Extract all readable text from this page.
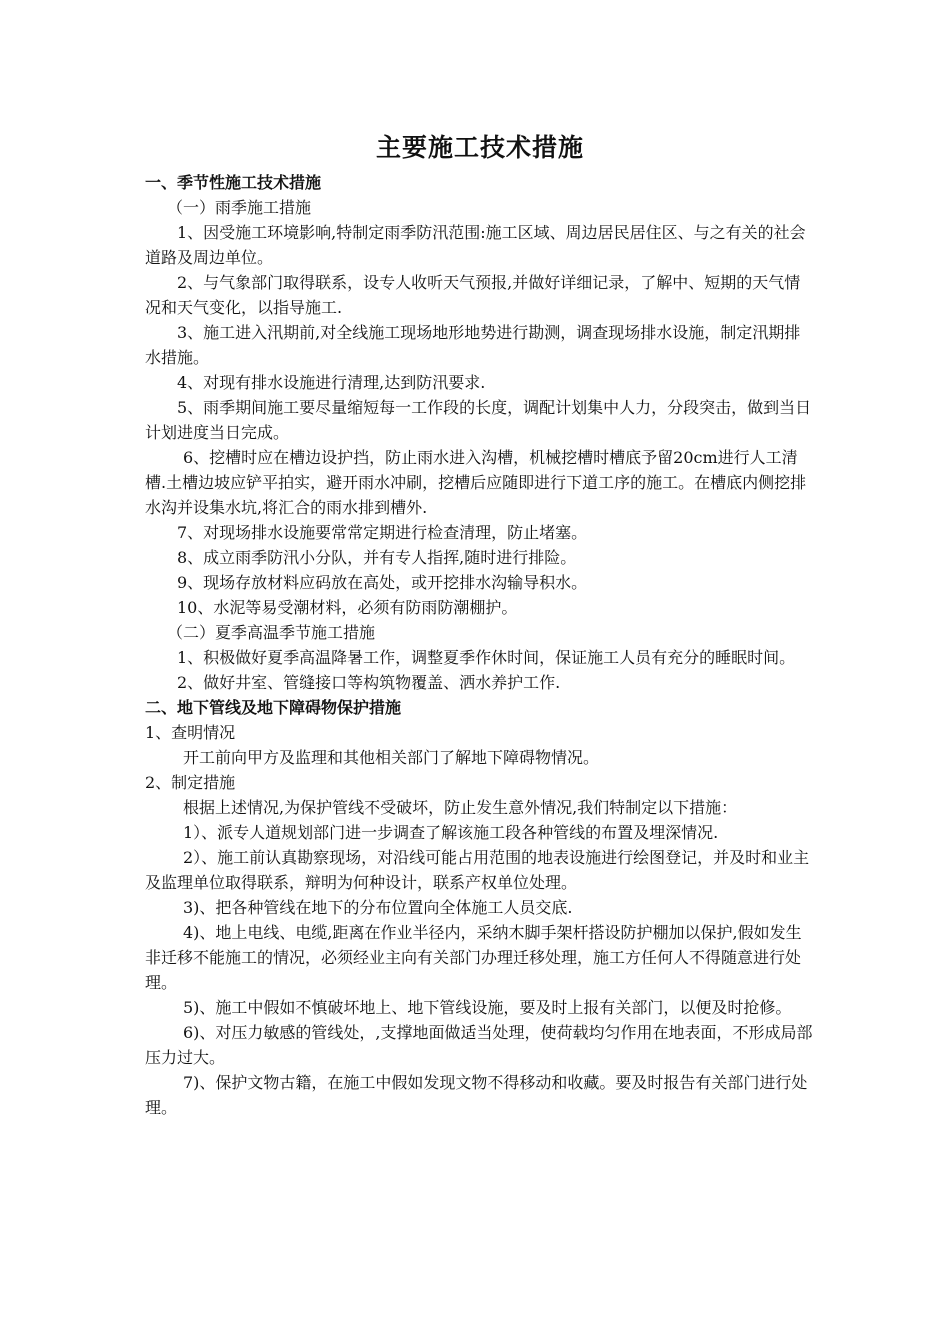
主要施工技术措施
一、季节性施工技术措施
（一）雨季施工措施

1、因受施工环境影响,特制定雨季防汛范围:施工区域、周边居民居住区、与之有关的社会道路及周边单位。

2、与气象部门取得联系，设专人收听天气预报,并做好详细记录，了解中、短期的天气情况和天气变化，以指导施工.

3、施工进入汛期前,对全线施工现场地形地势进行勘测，调查现场排水设施，制定汛期排水措施。

4、对现有排水设施进行清理,达到防汛要求.

5、雨季期间施工要尽量缩短每一工作段的长度，调配计划集中人力，分段突击，做到当日计划进度当日完成。

6、挖槽时应在槽边设护挡，防止雨水进入沟槽，机械挖槽时槽底予留20cm进行人工清槽.土槽边坡应铲平拍实，避开雨水冲刷，挖槽后应随即进行下道工序的施工。在槽底内侧挖排水沟并设集水坑,将汇合的雨水排到槽外.

7、对现场排水设施要常常定期进行检查清理，防止堵塞。

8、成立雨季防汛小分队，并有专人指挥,随时进行排险。

9、现场存放材料应码放在高处，或开挖排水沟输导积水。

10、水泥等易受潮材料，必须有防雨防潮棚护。

（二）夏季高温季节施工措施

1、积极做好夏季高温降暑工作，调整夏季作休时间，保证施工人员有充分的睡眠时间。

2、做好井室、管缝接口等构筑物覆盖、洒水养护工作.

二、地下管线及地下障碍物保护措施
1、查明情况

开工前向甲方及监理和其他相关部门了解地下障碍物情况。

2、制定措施

根据上述情况,为保护管线不受破坏，防止发生意外情况,我们特制定以下措施：

1）、派专人道规划部门进一步调查了解该施工段各种管线的布置及埋深情况.

2）、施工前认真勘察现场，对沿线可能占用范围的地表设施进行绘图登记，并及时和业主及监理单位取得联系，辩明为何种设计，联系产权单位处理。

3)、把各种管线在地下的分布位置向全体施工人员交底.

4)、地上电线、电缆,距离在作业半径内，采纳木脚手架杆搭设防护棚加以保护,假如发生非迁移不能施工的情况，必须经业主向有关部门办理迁移处理，施工方任何人不得随意进行处理。

5)、施工中假如不慎破坏地上、地下管线设施，要及时上报有关部门，以便及时抢修。

6)、对压力敏感的管线处，,支撑地面做适当处理，使荷载均匀作用在地表面，不形成局部压力过大。

7)、保护文物古籍，在施工中假如发现文物不得移动和收藏。要及时报告有关部门进行处理。
